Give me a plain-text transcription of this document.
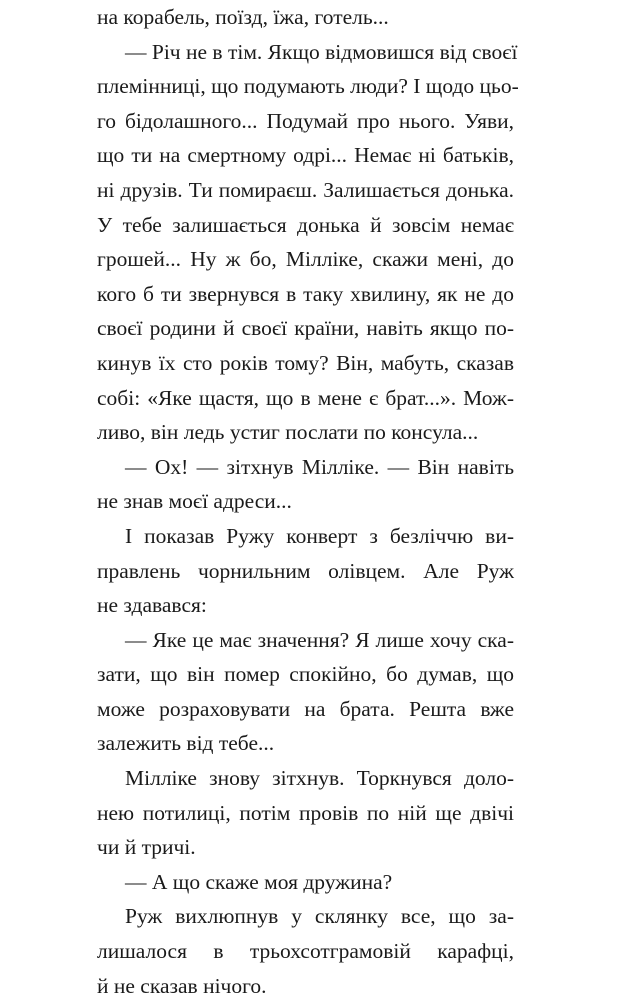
на корабель, поїзд, їжа, готель...
— Річ не в тім. Якщо відмовишся від своєї
племінниці, що подумають люди? І щодо цьо-
го бідолашного... Подумай про нього. Уяви,
що ти на смертному одрі... Немає ні батьків,
ні друзів. Ти помираєш. Залишається донька.
У тебе залишається донька й зовсім немає
грошей... Ну ж бо, Мілліке, скажи мені, до
кого б ти звернувся в таку хвилину, як не до
своєї родини й своєї країни, навіть якщо по-
кинув їх сто років тому? Він, мабуть, сказав
собі: «Яке щастя, що в мене є брат...». Мож-
ливо, він ледь устиг послати по консула...
— Ох! — зітхнув Мілліке. — Він навіть
не знав моєї адреси...
І показав Ружу конверт з безліччю ви-
правлень чорнильним олівцем. Але Руж
не здавався:
— Яке це має значення? Я лише хочу ска-
зати, що він помер спокійно, бо думав, що
може розраховувати на брата. Решта вже
залежить від тебе...
Мілліке знову зітхнув. Торкнувся доло-
нею потилиці, потім провів по ній ще двічі
чи й тричі.
— А що скаже моя дружина?
Руж вихлюпнув у склянку все, що за-
лишалося в трьохсотграмовій карафці,
й не сказав нічого.
